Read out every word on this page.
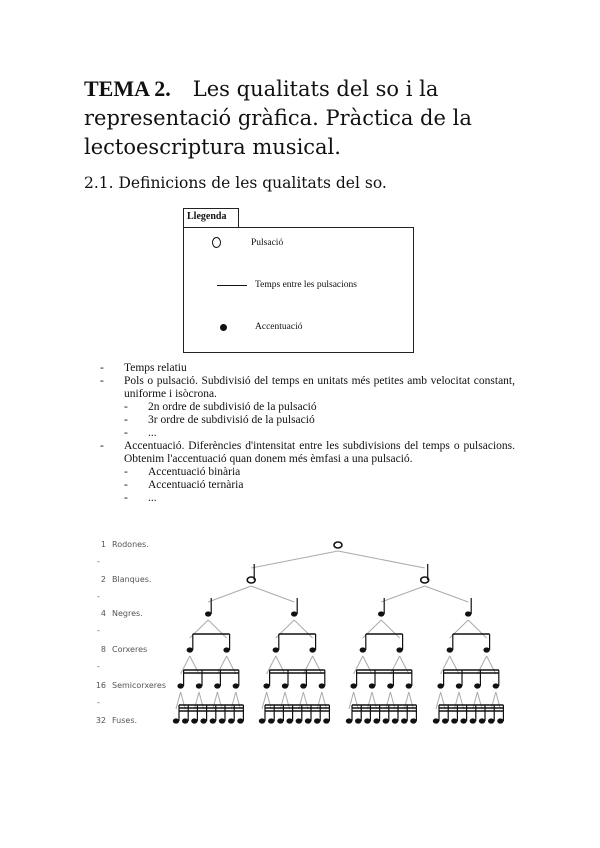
TEMA 2. Les qualitats del so i la representació gràfica. Pràctica de la lectoescriptura musical.
2.1. Definicions de les qualitats del so.
Llegenda
Pulsació
Temps entre les pulsacions
Accentuació
-	Temps relatiu
-	Pols o pulsació. Subdivisió del temps en unitats més petites amb velocitat constant, uniforme i isòcrona.
-	2n ordre de subdivisió de la pulsació
-	3r ordre de subdivisió de la pulsació
-	...
-	Accentuació. Diferències d'intensitat entre les subdivisions del temps o pulsacions. Obtenim l'accentuació quan donem més èmfasi a una pulsació.
-	Accentuació binària
-	Accentuació ternària
-	...
1 Rodones.
-
2 Blanques.
-
4 Negres.
-
8 Corxeres
-
16 Semicorxeres
-
32 Fuses.
